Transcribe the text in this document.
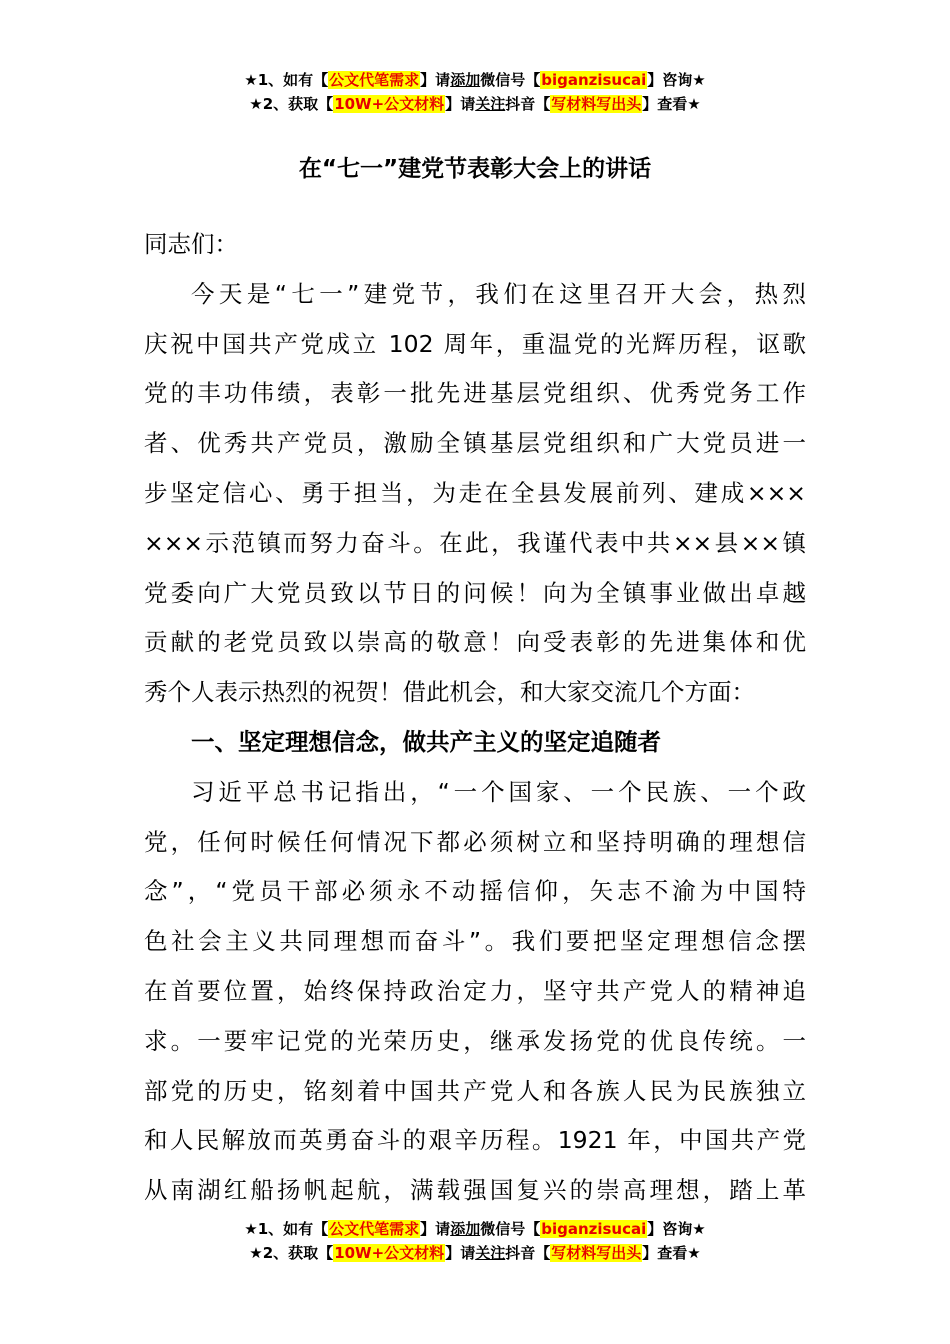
★1、如有【公文代笔需求】请添加微信号【biganzisucai】咨询★
★2、获取【10W+公文材料】请关注抖音【写材料写出头】查看★
在“七一”建党节表彰大会上的讲话
同志们：
今天是“七一”建党节，我们在这里召开大会，热烈
庆祝中国共产党成立 102 周年，重温党的光辉历程，讴歌
党的丰功伟绩，表彰一批先进基层党组织、优秀党务工作
者、优秀共产党员，激励全镇基层党组织和广大党员进一
步坚定信心、勇于担当，为走在全县发展前列、建成×××
×××示范镇而努力奋斗。在此，我谨代表中共××县××镇
党委向广大党员致以节日的问候！向为全镇事业做出卓越
贡献的老党员致以崇高的敬意！向受表彰的先进集体和优
秀个人表示热烈的祝贺！借此机会，和大家交流几个方面：
一、坚定理想信念，做共产主义的坚定追随者
习近平总书记指出，“一个国家、一个民族、一个政
党，任何时候任何情况下都必须树立和坚持明确的理想信
念”，“党员干部必须永不动摇信仰，矢志不渝为中国特
色社会主义共同理想而奋斗”。我们要把坚定理想信念摆
在首要位置，始终保持政治定力，坚守共产党人的精神追
求。一要牢记党的光荣历史，继承发扬党的优良传统。一
部党的历史，铭刻着中国共产党人和各族人民为民族独立
和人民解放而英勇奋斗的艰辛历程。1921 年，中国共产党
从南湖红船扬帆起航，满载强国复兴的崇高理想，踏上革
★1、如有【公文代笔需求】请添加微信号【biganzisucai】咨询★
★2、获取【10W+公文材料】请关注抖音【写材料写出头】查看★
